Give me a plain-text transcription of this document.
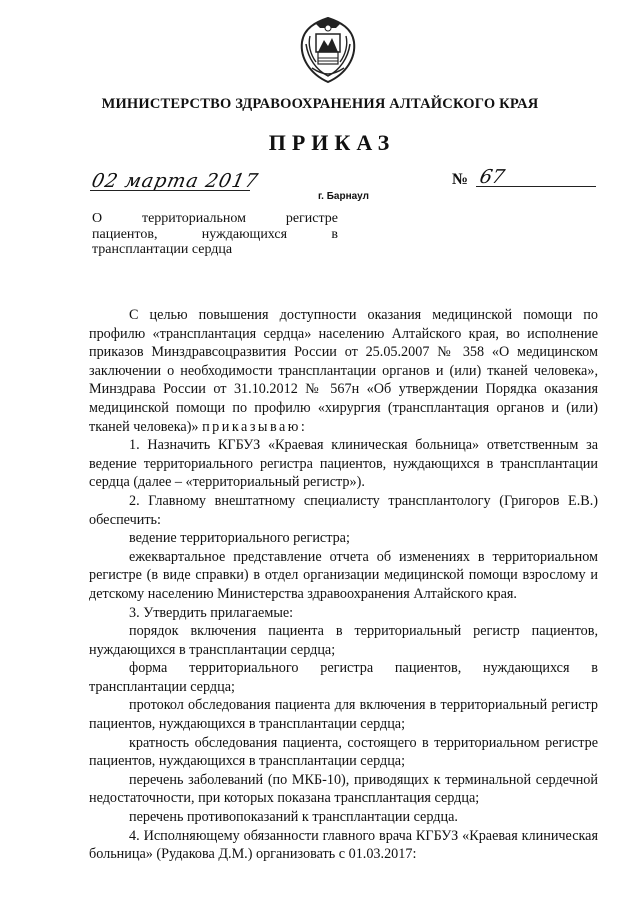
МИНИСТЕРСТВО ЗДРАВООХРАНЕНИЯ АЛТАЙСКОГО КРАЯ
ПРИКАЗ
02 марта 2017
г. Барнаул
№ 67
О территориальном регистре
пациентов, нуждающихся в
трансплантации сердца

С целью повышения доступности оказания медицинской помощи по профилю «трансплантация сердца» населению Алтайского края, во исполнение приказов Минздравсоцразвития России от 25.05.2007 № 358 «О медицинском заключении о необходимости трансплантации органов и (или) тканей человека», Минздрава России от 31.10.2012 № 567н «Об утверждении Порядка оказания медицинской помощи по профилю «хирургия (трансплантация органов и (или) тканей человека)» приказываю:

1. Назначить КГБУЗ «Краевая клиническая больница» ответственным за ведение территориального регистра пациентов, нуждающихся в трансплантации сердца (далее – «территориальный регистр»).

2. Главному внештатному специалисту трансплантологу (Григоров Е.В.) обеспечить:

ведение территориального регистра;

ежеквартальное представление отчета об изменениях в территориальном регистре (в виде справки) в отдел организации медицинской помощи взрослому и детскому населению Министерства здравоохранения Алтайского края.

3. Утвердить прилагаемые:

порядок включения пациента в территориальный регистр пациентов, нуждающихся в трансплантации сердца;

форма территориального регистра пациентов, нуждающихся в трансплантации сердца;

протокол обследования пациента для включения в территориальный регистр пациентов, нуждающихся в трансплантации сердца;

кратность обследования пациента, состоящего в территориальном регистре пациентов, нуждающихся в трансплантации сердца;

перечень заболеваний (по МКБ-10), приводящих к терминальной сердечной недостаточности, при которых показана трансплантация сердца;

перечень противопоказаний к трансплантации сердца.

4. Исполняющему обязанности главного врача КГБУЗ «Краевая клиническая больница» (Рудакова Д.М.) организовать с 01.03.2017:
